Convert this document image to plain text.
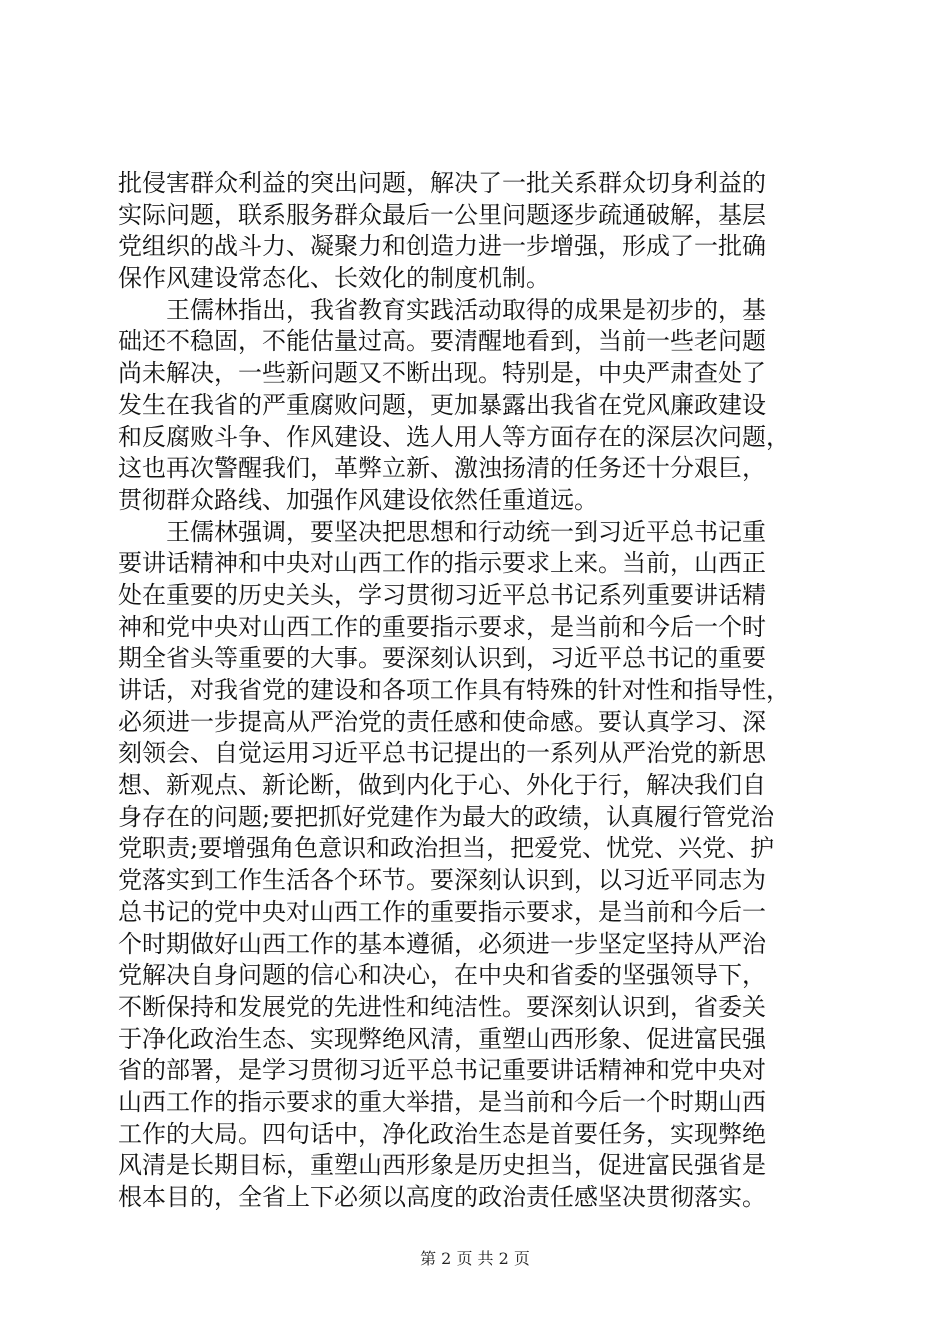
批侵害群众利益的突出问题，解决了一批关系群众切身利益的
实际问题，联系服务群众最后一公里问题逐步疏通破解，基层
党组织的战斗力、凝聚力和创造力进一步增强，形成了一批确
保作风建设常态化、长效化的制度机制。
　　王儒林指出，我省教育实践活动取得的成果是初步的，基
础还不稳固，不能估量过高。要清醒地看到，当前一些老问题
尚未解决，一些新问题又不断出现。特别是，中央严肃查处了
发生在我省的严重腐败问题，更加暴露出我省在党风廉政建设
和反腐败斗争、作风建设、选人用人等方面存在的深层次问题，
这也再次警醒我们，革弊立新、激浊扬清的任务还十分艰巨，
贯彻群众路线、加强作风建设依然任重道远。
　　王儒林强调，要坚决把思想和行动统一到习近平总书记重
要讲话精神和中央对山西工作的指示要求上来。当前，山西正
处在重要的历史关头，学习贯彻习近平总书记系列重要讲话精
神和党中央对山西工作的重要指示要求，是当前和今后一个时
期全省头等重要的大事。要深刻认识到，习近平总书记的重要
讲话，对我省党的建设和各项工作具有特殊的针对性和指导性，
必须进一步提高从严治党的责任感和使命感。要认真学习、深
刻领会、自觉运用习近平总书记提出的一系列从严治党的新思
想、新观点、新论断，做到内化于心、外化于行，解决我们自
身存在的问题;要把抓好党建作为最大的政绩，认真履行管党治
党职责;要增强角色意识和政治担当，把爱党、忧党、兴党、护
党落实到工作生活各个环节。要深刻认识到，以习近平同志为
总书记的党中央对山西工作的重要指示要求，是当前和今后一
个时期做好山西工作的基本遵循，必须进一步坚定坚持从严治
党解决自身问题的信心和决心，在中央和省委的坚强领导下，
不断保持和发展党的先进性和纯洁性。要深刻认识到，省委关
于净化政治生态、实现弊绝风清，重塑山西形象、促进富民强
省的部署，是学习贯彻习近平总书记重要讲话精神和党中央对
山西工作的指示要求的重大举措，是当前和今后一个时期山西
工作的大局。四句话中，净化政治生态是首要任务，实现弊绝
风清是长期目标，重塑山西形象是历史担当，促进富民强省是
根本目的，全省上下必须以高度的政治责任感坚决贯彻落实。
第 2 页 共 2 页
